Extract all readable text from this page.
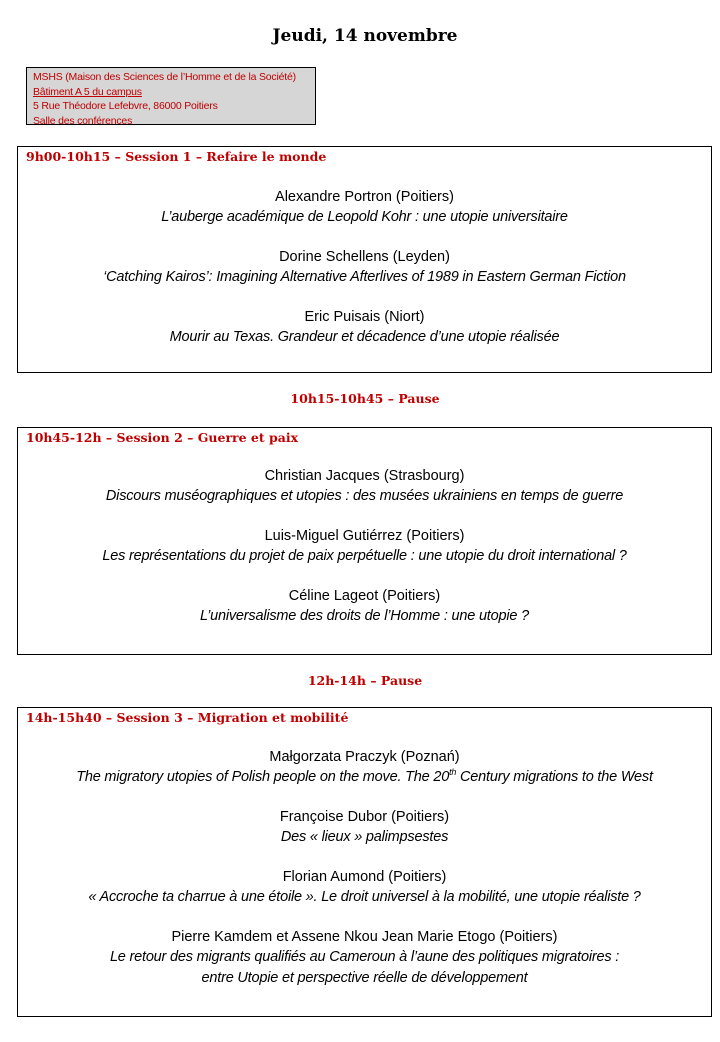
Jeudi, 14 novembre
MSHS (Maison des Sciences de l’Homme et de la Société)
Bâtiment A 5 du campus
5 Rue Théodore Lefebvre, 86000 Poitiers
Salle des conférences
9h00-10h15 – Session 1 – Refaire le monde
Alexandre Portron (Poitiers)
L’auberge académique de Leopold Kohr : une utopie universitaire
Dorine Schellens (Leyden)
‘Catching Kairos’: Imagining Alternative Afterlives of 1989 in Eastern German Fiction
Eric Puisais (Niort)
Mourir au Texas. Grandeur et décadence d’une utopie réalisée
10h15-10h45 – Pause
10h45-12h – Session 2 – Guerre et paix
Christian Jacques (Strasbourg)
Discours muséographiques et utopies : des musées ukrainiens en temps de guerre
Luis-Miguel Gutiérrez (Poitiers)
Les représentations du projet de paix perpétuelle : une utopie du droit international ?
Céline Lageot (Poitiers)
L’universalisme des droits de l’Homme : une utopie ?
12h-14h – Pause
14h-15h40 – Session 3 – Migration et mobilité
Małgorzata Praczyk (Poznań)
The migratory utopies of Polish people on the move. The 20th Century migrations to the West
Françoise Dubor (Poitiers)
Des « lieux » palimpsestes
Florian Aumond (Poitiers)
« Accroche ta charrue à une étoile ». Le droit universel à la mobilité, une utopie réaliste ?
Pierre Kamdem et Assene Nkou Jean Marie Etogo (Poitiers)
Le retour des migrants qualifiés au Cameroun à l’aune des politiques migratoires :
entre Utopie et perspective réelle de développement
